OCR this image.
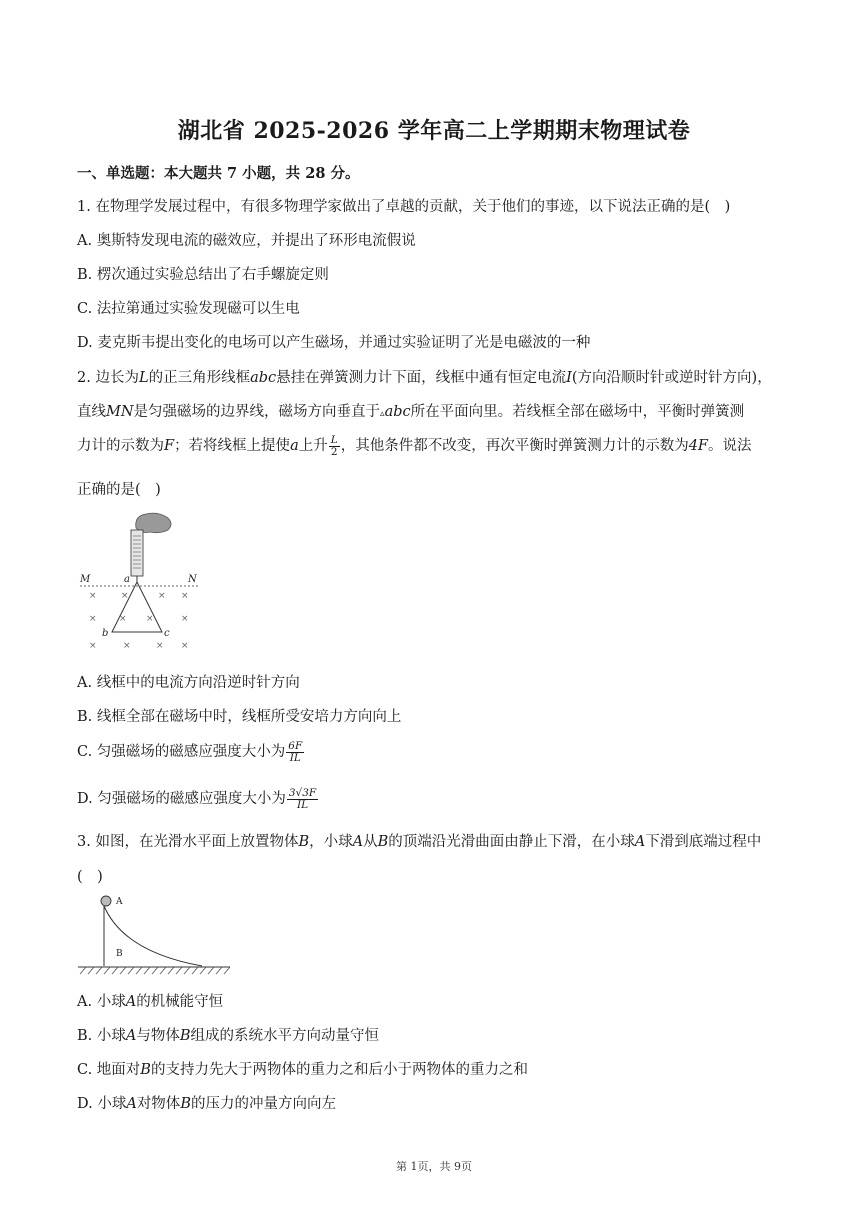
湖北省 2025-2026 学年高二上学期期末物理试卷
一、单选题：本大题共 7 小题，共 28 分。
1. 在物理学发展过程中，有很多物理学家做出了卓越的贡献，关于他们的事迹，以下说法正确的是(　)
A. 奥斯特发现电流的磁效应，并提出了环形电流假说
B. 楞次通过实验总结出了右手螺旋定则
C. 法拉第通过实验发现磁可以生电
D. 麦克斯韦提出变化的电场可以产生磁场，并通过实验证明了光是电磁波的一种
2. 边长为L的正三角形线框abc悬挂在弹簧测力计下面，线框中通有恒定电流I(方向沿顺时针或逆时针方向)，
直线MN是匀强磁场的边界线，磁场方向垂直于▵abc所在平面向里。若线框全部在磁场中，平衡时弹簧测
力计的示数为F；若将线框上提使a上升 $\frac{L}{2}$ ，其他条件都不改变，再次平衡时弹簧测力计的示数为4F。说法
正确的是(　)
×	×	× ×
× × ×	×
×	×	× ×
M	N
a
b	c
A. 线框中的电流方向沿逆时针方向
B. 线框全部在磁场中时，线框所受安培力方向向上
C. 匀强磁场的磁感应强度大小为 $\frac{6F}{IL}$
D. 匀强磁场的磁感应强度大小为 $\frac{3√3F}{IL}$
3. 如图，在光滑水平面上放置物体B，小球A从B的顶端沿光滑曲面由静止下滑，在小球A下滑到底端过程中
(　)
A
B
A. 小球A的机械能守恒
B. 小球A与物体B组成的系统水平方向动量守恒
C. 地面对B的支持力先大于两物体的重力之和后小于两物体的重力之和
D. 小球A对物体B的压力的冲量方向向左
第 1页，共 9页
